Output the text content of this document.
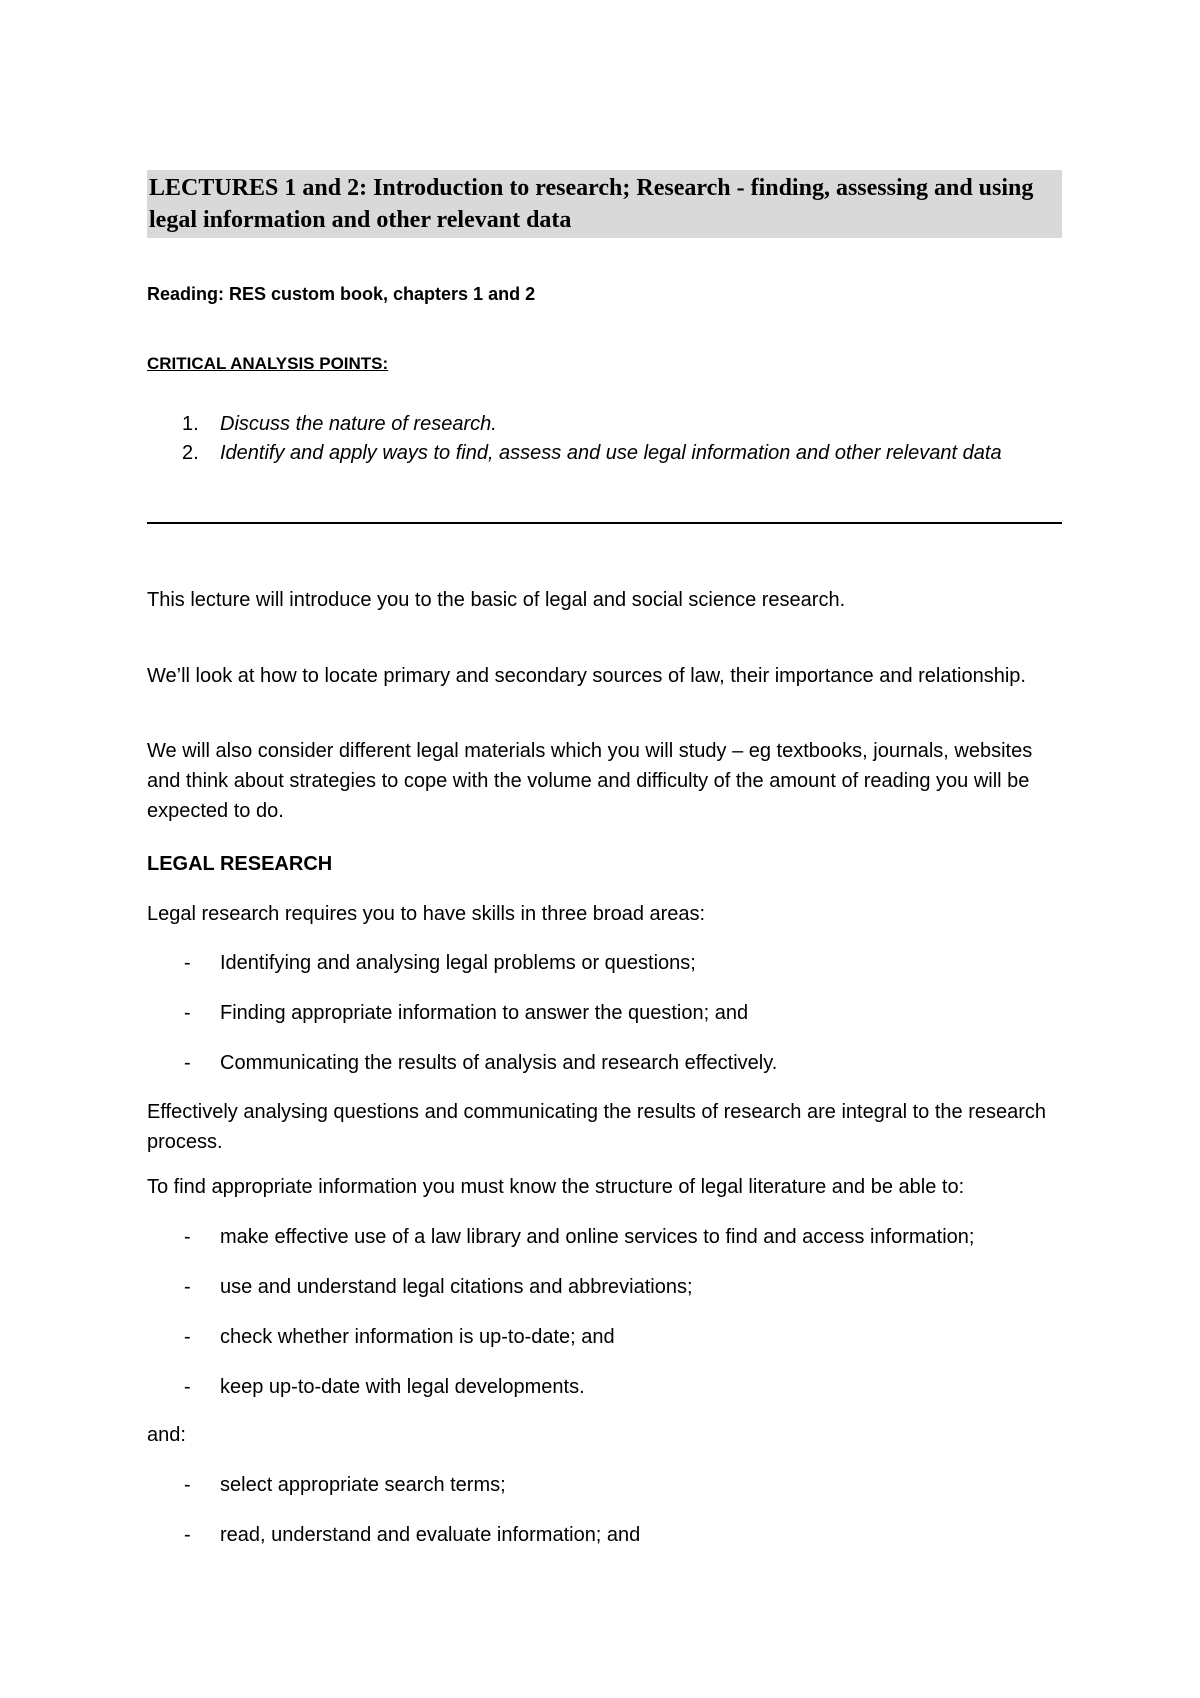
LECTURES 1 and 2: Introduction to research; Research - finding, assessing and using legal information and other relevant data

Reading: RES custom book, chapters 1 and 2

CRITICAL ANALYSIS POINTS:

1.	Discuss the nature of research.
2.	Identify and apply ways to find, assess and use legal information and other relevant data

This lecture will introduce you to the basic of legal and social science research.

We’ll look at how to locate primary and secondary sources of law, their importance and relationship.

We will also consider different legal materials which you will study – eg textbooks, journals, websites and think about strategies to cope with the volume and difficulty of the amount of reading you will be expected to do.

LEGAL RESEARCH

Legal research requires you to have skills in three broad areas:

-	Identifying and analysing legal problems or questions;
-	Finding appropriate information to answer the question; and
-	Communicating the results of analysis and research effectively.

Effectively analysing questions and communicating the results of research are integral to the research process.

To find appropriate information you must know the structure of legal literature and be able to:

-	make effective use of a law library and online services to find and access information;
-	use and understand legal citations and abbreviations;
-	check whether information is up-to-date; and
-	keep up-to-date with legal developments.

and:

-	select appropriate search terms;
-	read, understand and evaluate information; and
